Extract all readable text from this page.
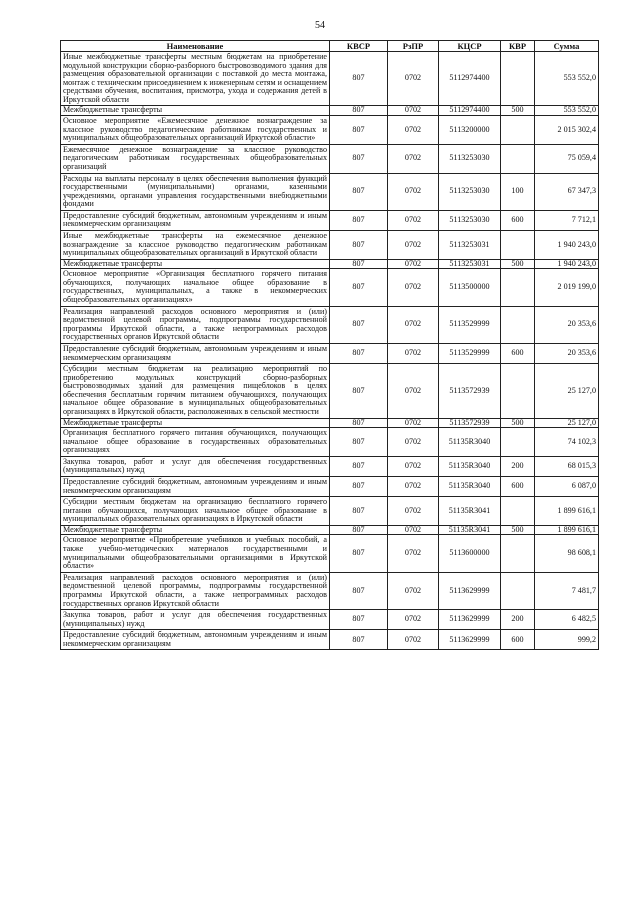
54
Наименование	КВСР	РзПР	КЦСР	КВР	Сумма
Иные межбюджетные трансферты местным бюджетам на приобретение модульной конструкции сборно-разборного быстровозводимого здания для размещения образовательной организации с поставкой до места монтажа, монтаж с техническим присоединением к инженерным сетям и оснащением средствами обучения, воспитания, присмотра, ухода и содержания детей в Иркутской области	807	0702	5112974400		553 552,0
Межбюджетные трансферты	807	0702	5112974400	500	553 552,0
Основное мероприятие «Ежемесячное денежное вознаграждение за классное руководство педагогическим работникам государственных и муниципальных общеобразовательных организаций Иркутской области»	807	0702	5113200000		2 015 302,4
Ежемесячное денежное вознаграждение за классное руководство педагогическим работникам государственных общеобразовательных организаций	807	0702	5113253030		75 059,4
Расходы на выплаты персоналу в целях обеспечения выполнения функций государственными (муниципальными) органами, казенными учреждениями, органами управления государственными внебюджетными фондами	807	0702	5113253030	100	67 347,3
Предоставление субсидий бюджетным, автономным учреждениям и иным некоммерческим организациям	807	0702	5113253030	600	7 712,1
Иные межбюджетные трансферты на ежемесячное денежное вознаграждение за классное руководство педагогическим работникам муниципальных общеобразовательных организаций в Иркутской области	807	0702	5113253031		1 940 243,0
Межбюджетные трансферты	807	0702	5113253031	500	1 940 243,0
Основное мероприятие «Организация бесплатного горячего питания обучающихся, получающих начальное общее образование в государственных, муниципальных, а также в некоммерческих общеобразовательных организациях»	807	0702	5113500000		2 019 199,0
Реализация направлений расходов основного мероприятия и (или) ведомственной целевой программы, подпрограммы государственной программы Иркутской области, а также непрограммных расходов государственных органов Иркутской области	807	0702	5113529999		20 353,6
Предоставление субсидий бюджетным, автономным учреждениям и иным некоммерческим организациям	807	0702	5113529999	600	20 353,6
Субсидии местным бюджетам на реализацию мероприятий по приобретению модульных конструкций сборно-разборных быстровозводимых зданий для размещения пищеблоков в целях обеспечения бесплатным горячим питанием обучающихся, получающих начальное общее образование в муниципальных общеобразовательных организациях в Иркутской области, расположенных в сельской местности	807	0702	5113572939		25 127,0
Межбюджетные трансферты	807	0702	5113572939	500	25 127,0
Организация бесплатного горячего питания обучающихся, получающих начальное общее образование в государственных образовательных организациях	807	0702	51135R3040		74 102,3
Закупка товаров, работ и услуг для обеспечения государственных (муниципальных) нужд	807	0702	51135R3040	200	68 015,3
Предоставление субсидий бюджетным, автономным учреждениям и иным некоммерческим организациям	807	0702	51135R3040	600	6 087,0
Субсидии местным бюджетам на организацию бесплатного горячего питания обучающихся, получающих начальное общее образование в муниципальных образовательных организациях в Иркутской области	807	0702	51135R3041		1 899 616,1
Межбюджетные трансферты	807	0702	51135R3041	500	1 899 616,1
Основное мероприятие «Приобретение учебников и учебных пособий, а также учебно-методических материалов государственными и муниципальными общеобразовательными организациями в Иркутской области»	807	0702	5113600000		98 608,1
Реализация направлений расходов основного мероприятия и (или) ведомственной целевой программы, подпрограммы государственной программы Иркутской области, а также непрограммных расходов государственных органов Иркутской области	807	0702	5113629999		7 481,7
Закупка товаров, работ и услуг для обеспечения государственных (муниципальных) нужд	807	0702	5113629999	200	6 482,5
Предоставление субсидий бюджетным, автономным учреждениям и иным некоммерческим организациям	807	0702	5113629999	600	999,2
